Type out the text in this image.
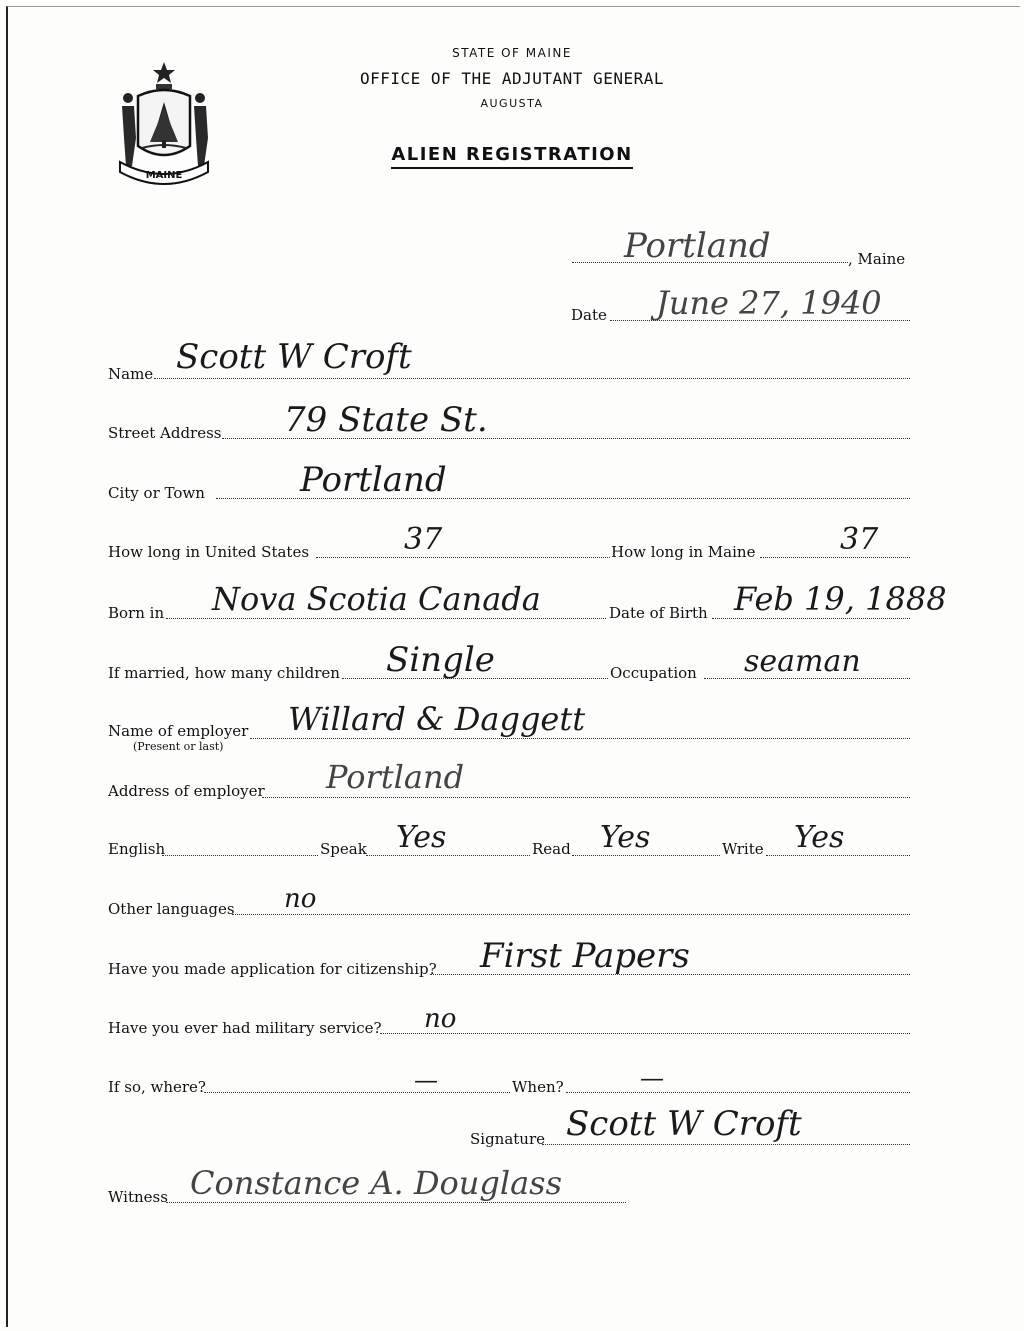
MAINE
STATE OF MAINE
OFFICE OF THE ADJUTANT GENERAL
AUGUSTA
ALIEN REGISTRATION
Portland	, Maine
Date June 27, 1940
Name Scott W Croft
Street Address 79 State St.
City or Town	Portland
How long in United States	37	How long in Maine	37
Born in Nova Scotia Canada	Date of Birth Feb 19, 1888
If married, how many children Single	Occupation seaman
Name of employer
(Present or last)
Willard & Daggett
Address of employer Portland
English	Speak Yes	Read Yes	Write Yes
Other languages no
Have you made application for citizenship? First Papers
Have you ever had military service? no
If so, where?	—	When?	—
Signature Scott W Croft
Witness Constance A. Douglass
